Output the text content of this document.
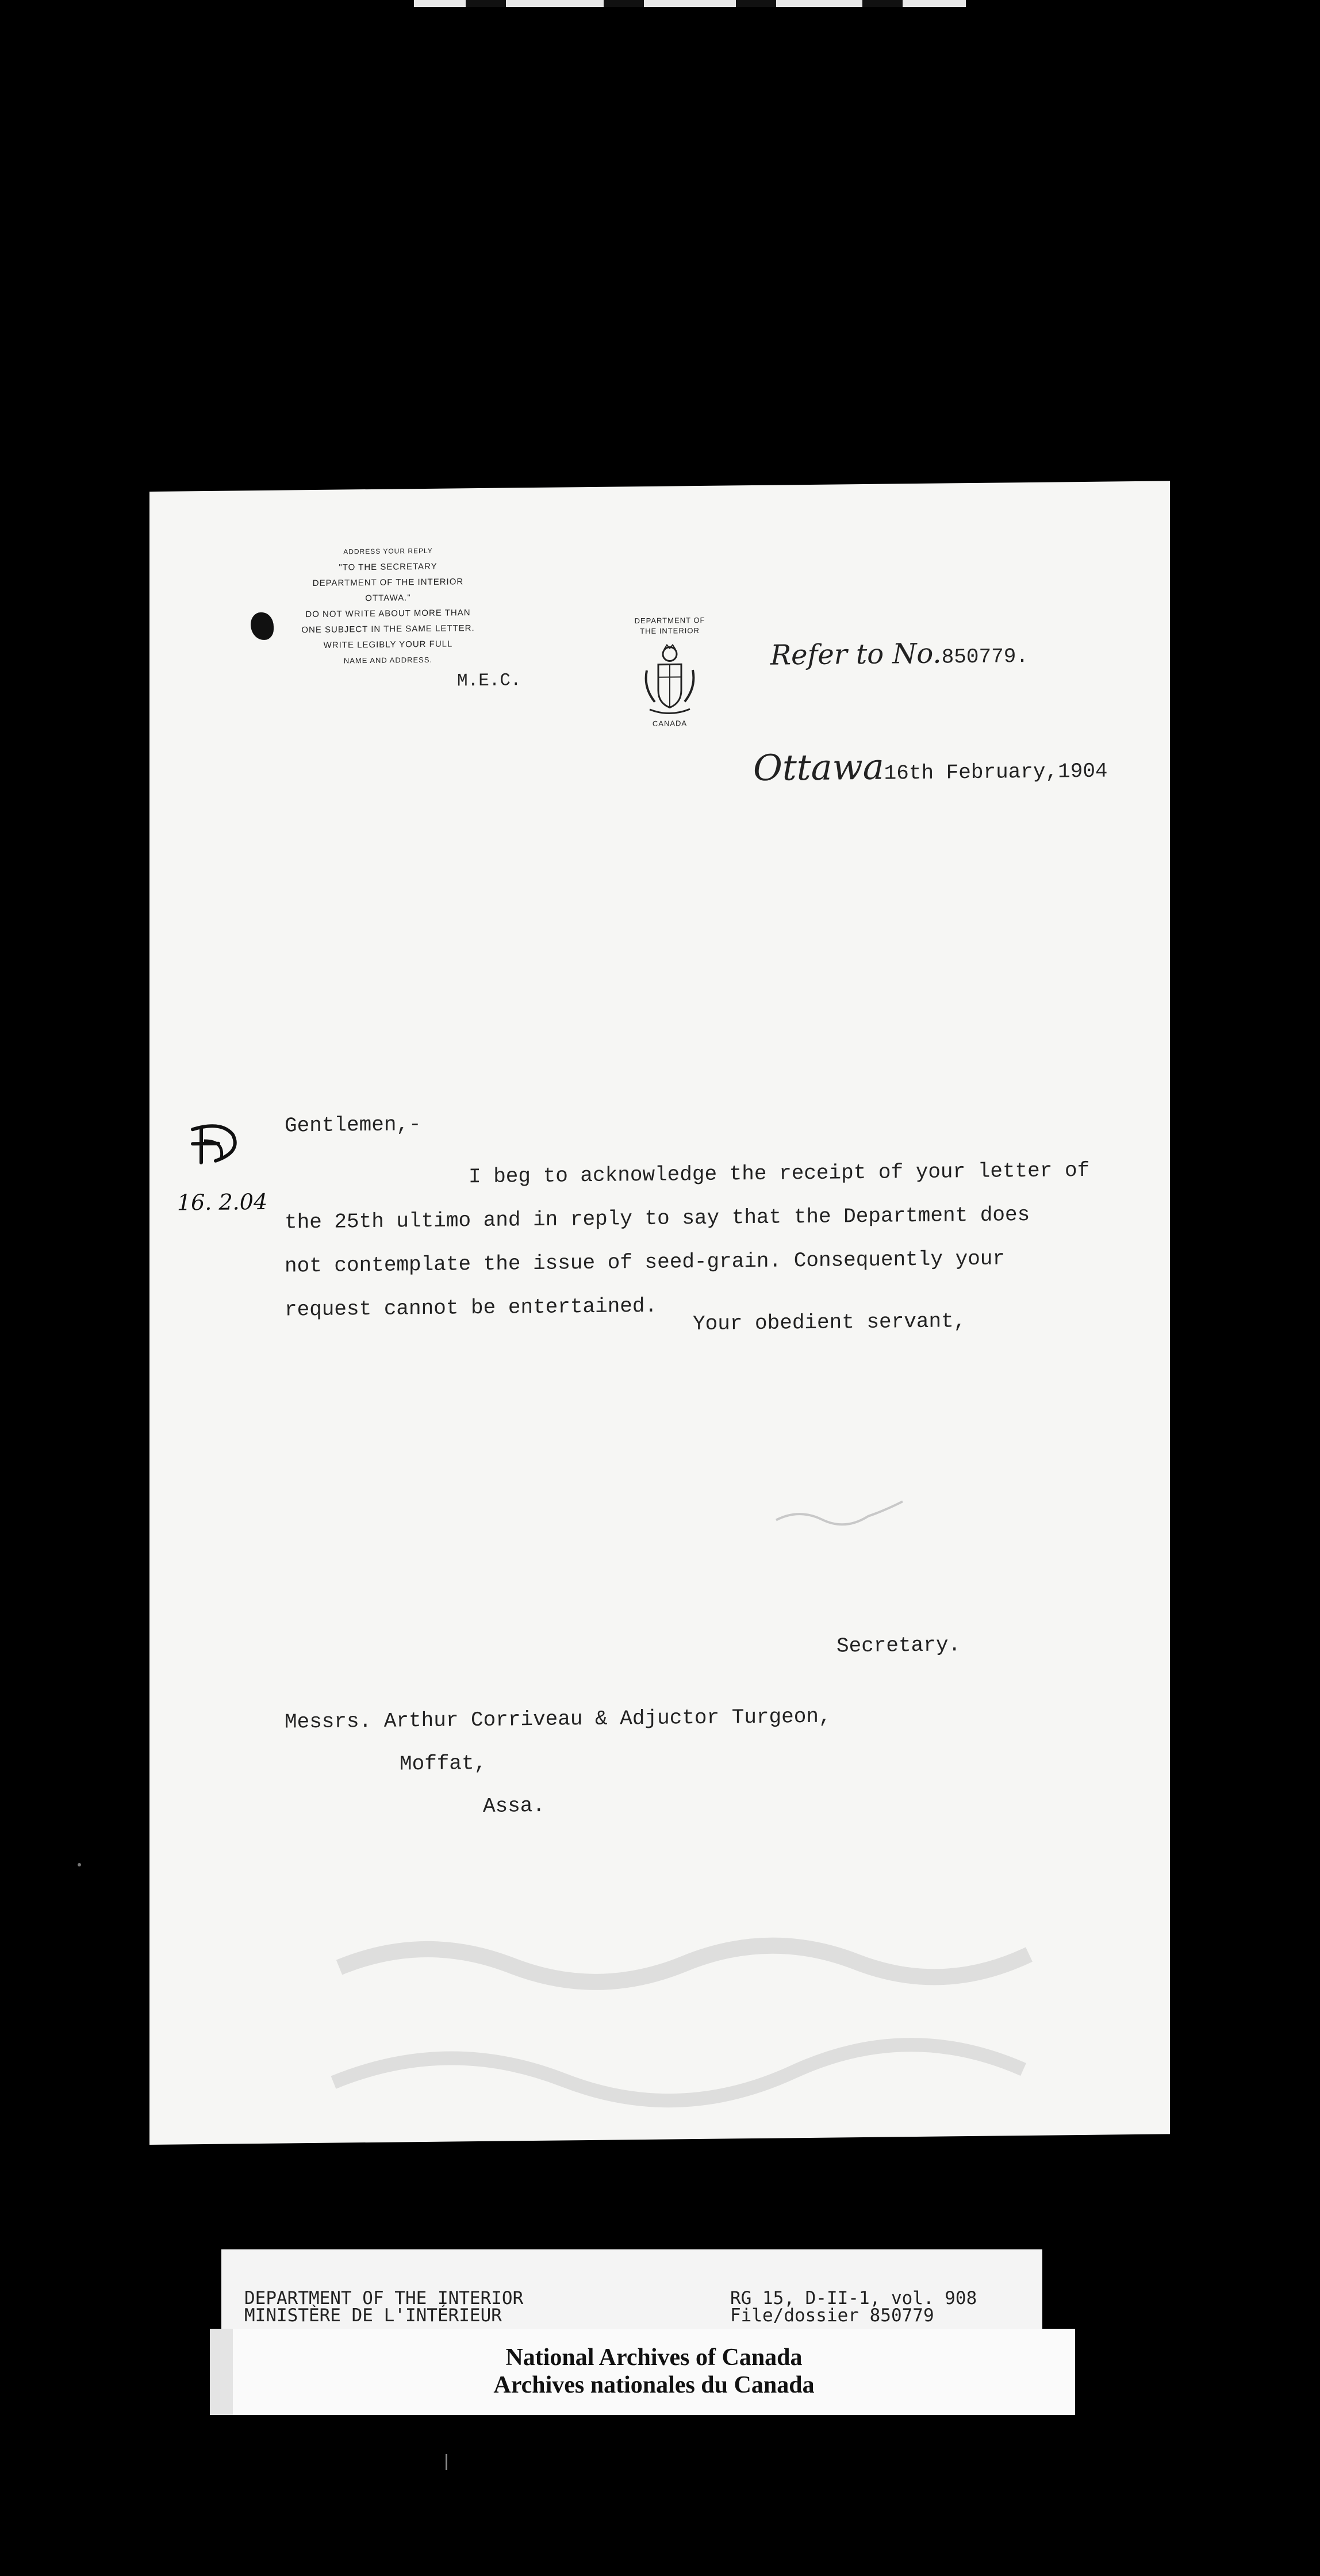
ADDRESS YOUR REPLY
"TO THE SECRETARY
DEPARTMENT OF THE INTERIOR
OTTAWA."
DO NOT WRITE ABOUT MORE THAN
ONE SUBJECT IN THE SAME LETTER.
WRITE LEGIBLY YOUR FULL
NAME AND ADDRESS.
M.E.C.
DEPARTMENT OF
THE INTERIOR
CANADA
Refer to No.850779.
Ottawa16th February,1904
Gentlemen,-
16. 2.04
I beg to acknowledge the receipt of your letter of
the 25th ultimo and in reply to say that the Department does
not contemplate the issue of seed-grain. Consequently your
request cannot be entertained.
Your obedient servant,
Secretary.
Messrs. Arthur Corriveau & Adjuctor Turgeon,
Moffat,
Assa.
DEPARTMENT OF THE INTERIOR
MINISTÈRE DE L'INTÉRIEUR
RG 15, D-II-1, vol. 908
File/dossier 850779
National Archives of Canada
Archives nationales du Canada
